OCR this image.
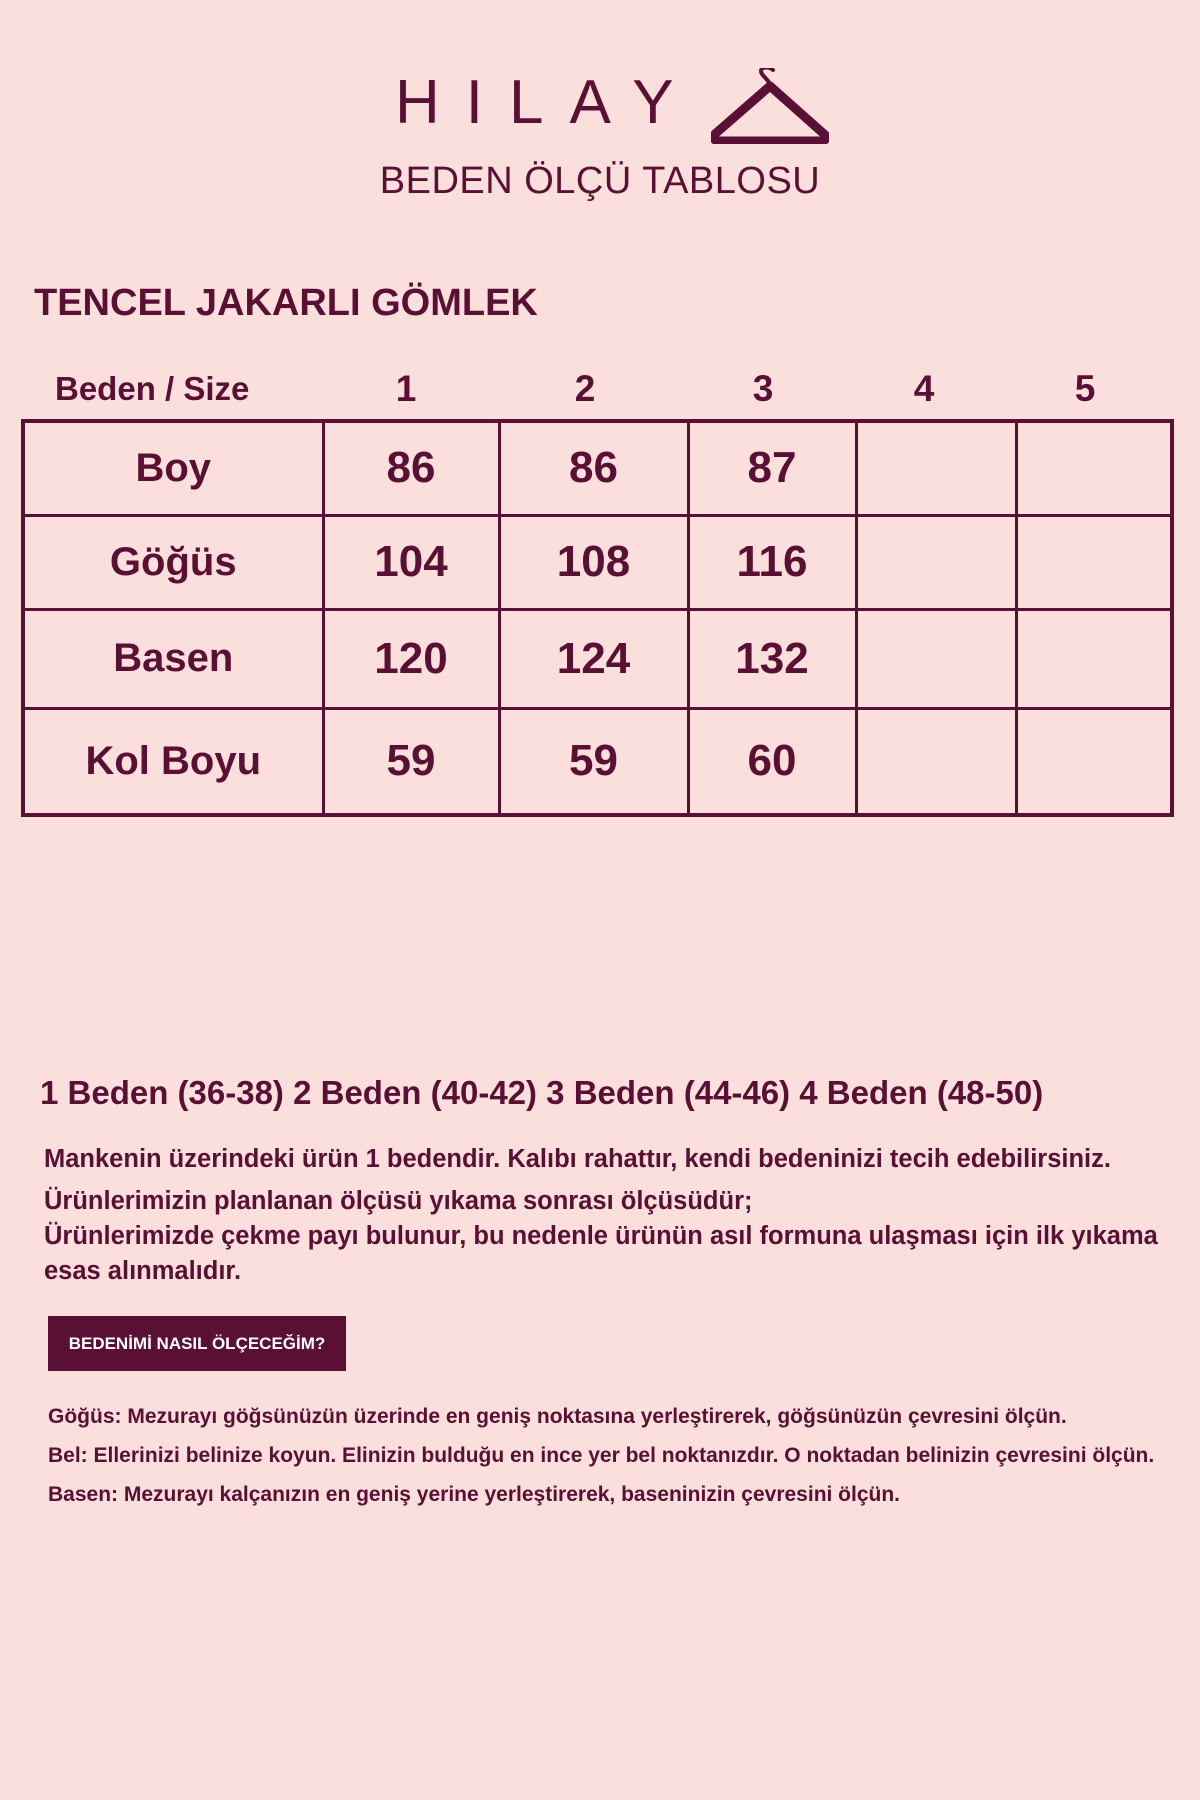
HILAY
BEDEN ÖLÇÜ TABLOSU
TENCEL JAKARLI GÖMLEK
Beden / Size	1	2	3	4	5
Boy	86	86	87		
Göğüs	104	108	116		
Basen	120	124	132		
Kol Boyu	59	59	60		
1 Beden (36-38) 2 Beden (40-42) 3 Beden (44-46) 4 Beden (48-50)

Mankenin üzerindeki ürün 1 bedendir. Kalıbı rahattır, kendi bedeninizi tecih edebilirsiniz.

Ürünlerimizin planlanan ölçüsü yıkama sonrası ölçüsüdür;

Ürünlerimizde çekme payı bulunur, bu nedenle ürünün asıl formuna ulaşması için ilk yıkama esas alınmalıdır.

BEDENİMİ NASIL ÖLÇECEĞİM?

Göğüs: Mezurayı göğsünüzün üzerinde en geniş noktasına yerleştirerek, göğsünüzün çevresini ölçün.

Bel: Ellerinizi belinize koyun. Elinizin bulduğu en ince yer bel noktanızdır. O noktadan belinizin çevresini ölçün.

Basen: Mezurayı kalçanızın en geniş yerine yerleştirerek, baseninizin çevresini ölçün.
